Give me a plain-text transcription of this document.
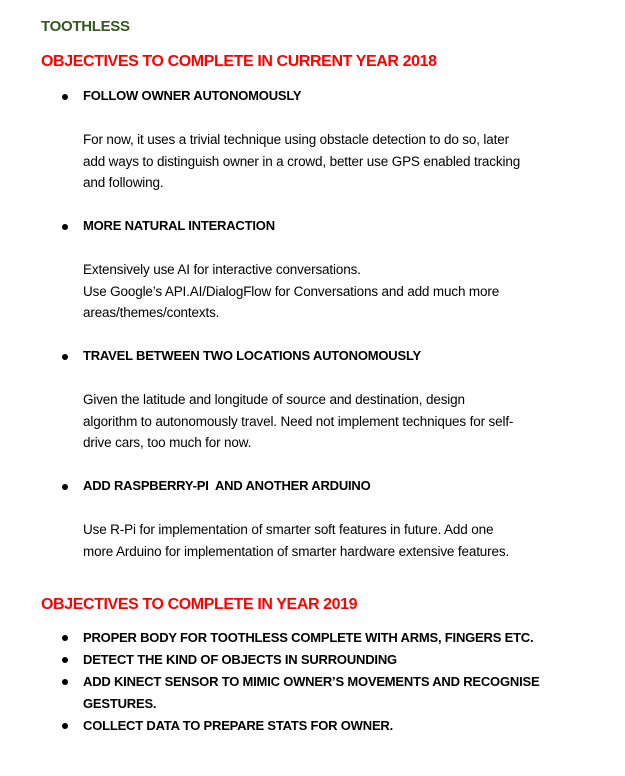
TOOTHLESS
OBJECTIVES TO COMPLETE IN CURRENT YEAR 2018
FOLLOW OWNER AUTONOMOUSLY
For now, it uses a trivial technique using obstacle detection to do so, later
add ways to distinguish owner in a crowd, better use GPS enabled tracking
and following.
MORE NATURAL INTERACTION
Extensively use AI for interactive conversations.
Use Google’s API.AI/DialogFlow for Conversations and add much more
areas/themes/contexts.
TRAVEL BETWEEN TWO LOCATIONS AUTONOMOUSLY
Given the latitude and longitude of source and destination, design
algorithm to autonomously travel. Need not implement techniques for self-
drive cars, too much for now.
ADD RASPBERRY-PI  AND ANOTHER ARDUINO
Use R-Pi for implementation of smarter soft features in future. Add one
more Arduino for implementation of smarter hardware extensive features.
OBJECTIVES TO COMPLETE IN YEAR 2019
PROPER BODY FOR TOOTHLESS COMPLETE WITH ARMS, FINGERS ETC.
DETECT THE KIND OF OBJECTS IN SURROUNDING
ADD KINECT SENSOR TO MIMIC OWNER’S MOVEMENTS AND RECOGNISE
GESTURES.
COLLECT DATA TO PREPARE STATS FOR OWNER.
